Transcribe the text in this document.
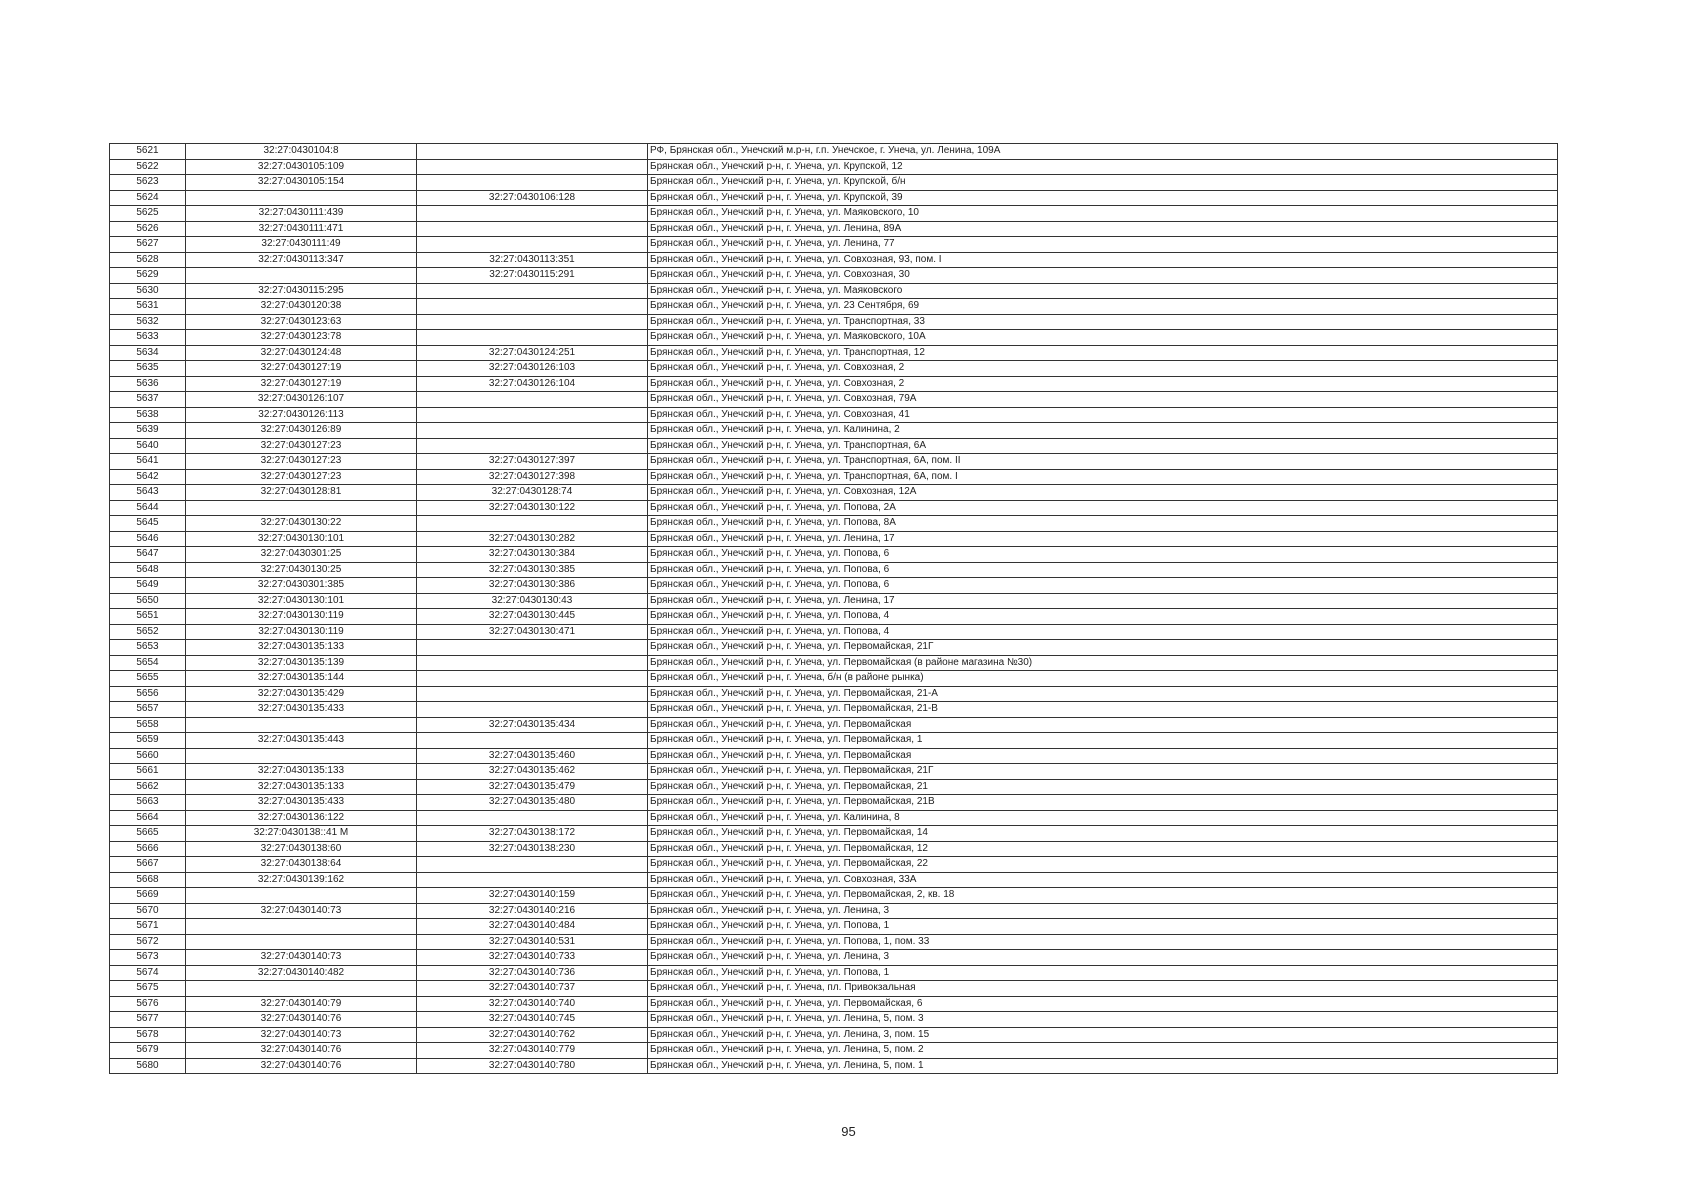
5621	32:27:0430104:8		РФ, Брянская обл., Унечский м.р-н, г.п. Унечское, г. Унеча, ул. Ленина, 109А
5622	32:27:0430105:109		Брянская обл., Унечский р-н, г. Унеча, ул. Крупской, 12
5623	32:27:0430105:154		Брянская обл., Унечский р-н, г. Унеча, ул. Крупской, б/н
5624		32:27:0430106:128	Брянская обл., Унечский р-н, г. Унеча, ул. Крупской, 39
5625	32:27:0430111:439		Брянская обл., Унечский р-н, г. Унеча, ул. Маяковского, 10
5626	32:27:0430111:471		Брянская обл., Унечский р-н, г. Унеча, ул. Ленина, 89А
5627	32:27:0430111:49		Брянская обл., Унечский р-н, г. Унеча, ул. Ленина, 77
5628	32:27:0430113:347	32:27:0430113:351	Брянская обл., Унечский р-н, г. Унеча, ул. Совхозная, 93, пом. I
5629		32:27:0430115:291	Брянская обл., Унечский р-н, г. Унеча, ул. Совхозная, 30
5630	32:27:0430115:295		Брянская обл., Унечский р-н, г. Унеча, ул. Маяковского
5631	32:27:0430120:38		Брянская обл., Унечский р-н, г. Унеча, ул. 23 Сентября, 69
5632	32:27:0430123:63		Брянская обл., Унечский р-н, г. Унеча, ул. Транспортная, 33
5633	32:27:0430123:78		Брянская обл., Унечский р-н, г. Унеча, ул. Маяковского, 10А
5634	32:27:0430124:48	32:27:0430124:251	Брянская обл., Унечский р-н, г. Унеча, ул. Транспортная, 12
5635	32:27:0430127:19	32:27:0430126:103	Брянская обл., Унечский р-н, г. Унеча, ул. Совхозная, 2
5636	32:27:0430127:19	32:27:0430126:104	Брянская обл., Унечский р-н, г. Унеча, ул. Совхозная, 2
5637	32:27:0430126:107		Брянская обл., Унечский р-н, г. Унеча, ул. Совхозная, 79А
5638	32:27:0430126:113		Брянская обл., Унечский р-н, г. Унеча, ул. Совхозная, 41
5639	32:27:0430126:89		Брянская обл., Унечский р-н, г. Унеча, ул. Калинина, 2
5640	32:27:0430127:23		Брянская обл., Унечский р-н, г. Унеча, ул. Транспортная, 6А
5641	32:27:0430127:23	32:27:0430127:397	Брянская обл., Унечский р-н, г. Унеча, ул. Транспортная, 6А, пом. II
5642	32:27:0430127:23	32:27:0430127:398	Брянская обл., Унечский р-н, г. Унеча, ул. Транспортная, 6А, пом. I
5643	32:27:0430128:81	32:27:0430128:74	Брянская обл., Унечский р-н, г. Унеча, ул. Совхозная, 12А
5644		32:27:0430130:122	Брянская обл., Унечский р-н, г. Унеча, ул. Попова, 2А
5645	32:27:0430130:22		Брянская обл., Унечский р-н, г. Унеча, ул. Попова, 8А
5646	32:27:0430130:101	32:27:0430130:282	Брянская обл., Унечский р-н, г. Унеча, ул. Ленина, 17
5647	32:27:0430301:25	32:27:0430130:384	Брянская обл., Унечский р-н, г. Унеча, ул. Попова, 6
5648	32:27:0430130:25	32:27:0430130:385	Брянская обл., Унечский р-н, г. Унеча, ул. Попова, 6
5649	32:27:0430301:385	32:27:0430130:386	Брянская обл., Унечский р-н, г. Унеча, ул. Попова, 6
5650	32:27:0430130:101	32:27:0430130:43	Брянская обл., Унечский р-н, г. Унеча, ул. Ленина, 17
5651	32:27:0430130:119	32:27:0430130:445	Брянская обл., Унечский р-н, г. Унеча, ул. Попова, 4
5652	32:27:0430130:119	32:27:0430130:471	Брянская обл., Унечский р-н, г. Унеча, ул. Попова, 4
5653	32:27:0430135:133		Брянская обл., Унечский р-н, г. Унеча, ул. Первомайская, 21Г
5654	32:27:0430135:139		Брянская обл., Унечский р-н, г. Унеча, ул. Первомайская (в районе магазина №30)
5655	32:27:0430135:144		Брянская обл., Унечский р-н, г. Унеча, б/н (в районе рынка)
5656	32:27:0430135:429		Брянская обл., Унечский р-н, г. Унеча, ул. Первомайская, 21-А
5657	32:27:0430135:433		Брянская обл., Унечский р-н, г. Унеча, ул. Первомайская, 21-В
5658		32:27:0430135:434	Брянская обл., Унечский р-н, г. Унеча, ул. Первомайская
5659	32:27:0430135:443		Брянская обл., Унечский р-н, г. Унеча, ул. Первомайская, 1
5660		32:27:0430135:460	Брянская обл., Унечский р-н, г. Унеча, ул. Первомайская
5661	32:27:0430135:133	32:27:0430135:462	Брянская обл., Унечский р-н, г. Унеча, ул. Первомайская, 21Г
5662	32:27:0430135:133	32:27:0430135:479	Брянская обл., Унечский р-н, г. Унеча, ул. Первомайская, 21
5663	32:27:0430135:433	32:27:0430135:480	Брянская обл., Унечский р-н, г. Унеча, ул. Первомайская, 21В
5664	32:27:0430136:122		Брянская обл., Унечский р-н, г. Унеча, ул. Калинина, 8
5665	32:27:0430138::41 М	32:27:0430138:172	Брянская обл., Унечский р-н, г. Унеча, ул. Первомайская, 14
5666	32:27:0430138:60	32:27:0430138:230	Брянская обл., Унечский р-н, г. Унеча, ул. Первомайская, 12
5667	32:27:0430138:64		Брянская обл., Унечский р-н, г. Унеча, ул. Первомайская, 22
5668	32:27:0430139:162		Брянская обл., Унечский р-н, г. Унеча, ул. Совхозная, 33А
5669		32:27:0430140:159	Брянская обл., Унечский р-н, г. Унеча, ул. Первомайская, 2, кв. 18
5670	32:27:0430140:73	32:27:0430140:216	Брянская обл., Унечский р-н, г. Унеча, ул. Ленина, 3
5671		32:27:0430140:484	Брянская обл., Унечский р-н, г. Унеча, ул. Попова, 1
5672		32:27:0430140:531	Брянская обл., Унечский р-н, г. Унеча, ул. Попова, 1, пом. 33
5673	32:27:0430140:73	32:27:0430140:733	Брянская обл., Унечский р-н, г. Унеча, ул. Ленина, 3
5674	32:27:0430140:482	32:27:0430140:736	Брянская обл., Унечский р-н, г. Унеча, ул. Попова, 1
5675		32:27:0430140:737	Брянская обл., Унечский р-н, г. Унеча, пл. Привокзальная
5676	32:27:0430140:79	32:27:0430140:740	Брянская обл., Унечский р-н, г. Унеча, ул. Первомайская, 6
5677	32:27:0430140:76	32:27:0430140:745	Брянская обл., Унечский р-н, г. Унеча, ул. Ленина, 5, пом. 3
5678	32:27:0430140:73	32:27:0430140:762	Брянская обл., Унечский р-н, г. Унеча, ул. Ленина, 3, пом. 15
5679	32:27:0430140:76	32:27:0430140:779	Брянская обл., Унечский р-н, г. Унеча, ул. Ленина, 5, пом. 2
5680	32:27:0430140:76	32:27:0430140:780	Брянская обл., Унечский р-н, г. Унеча, ул. Ленина, 5, пом. 1
95
